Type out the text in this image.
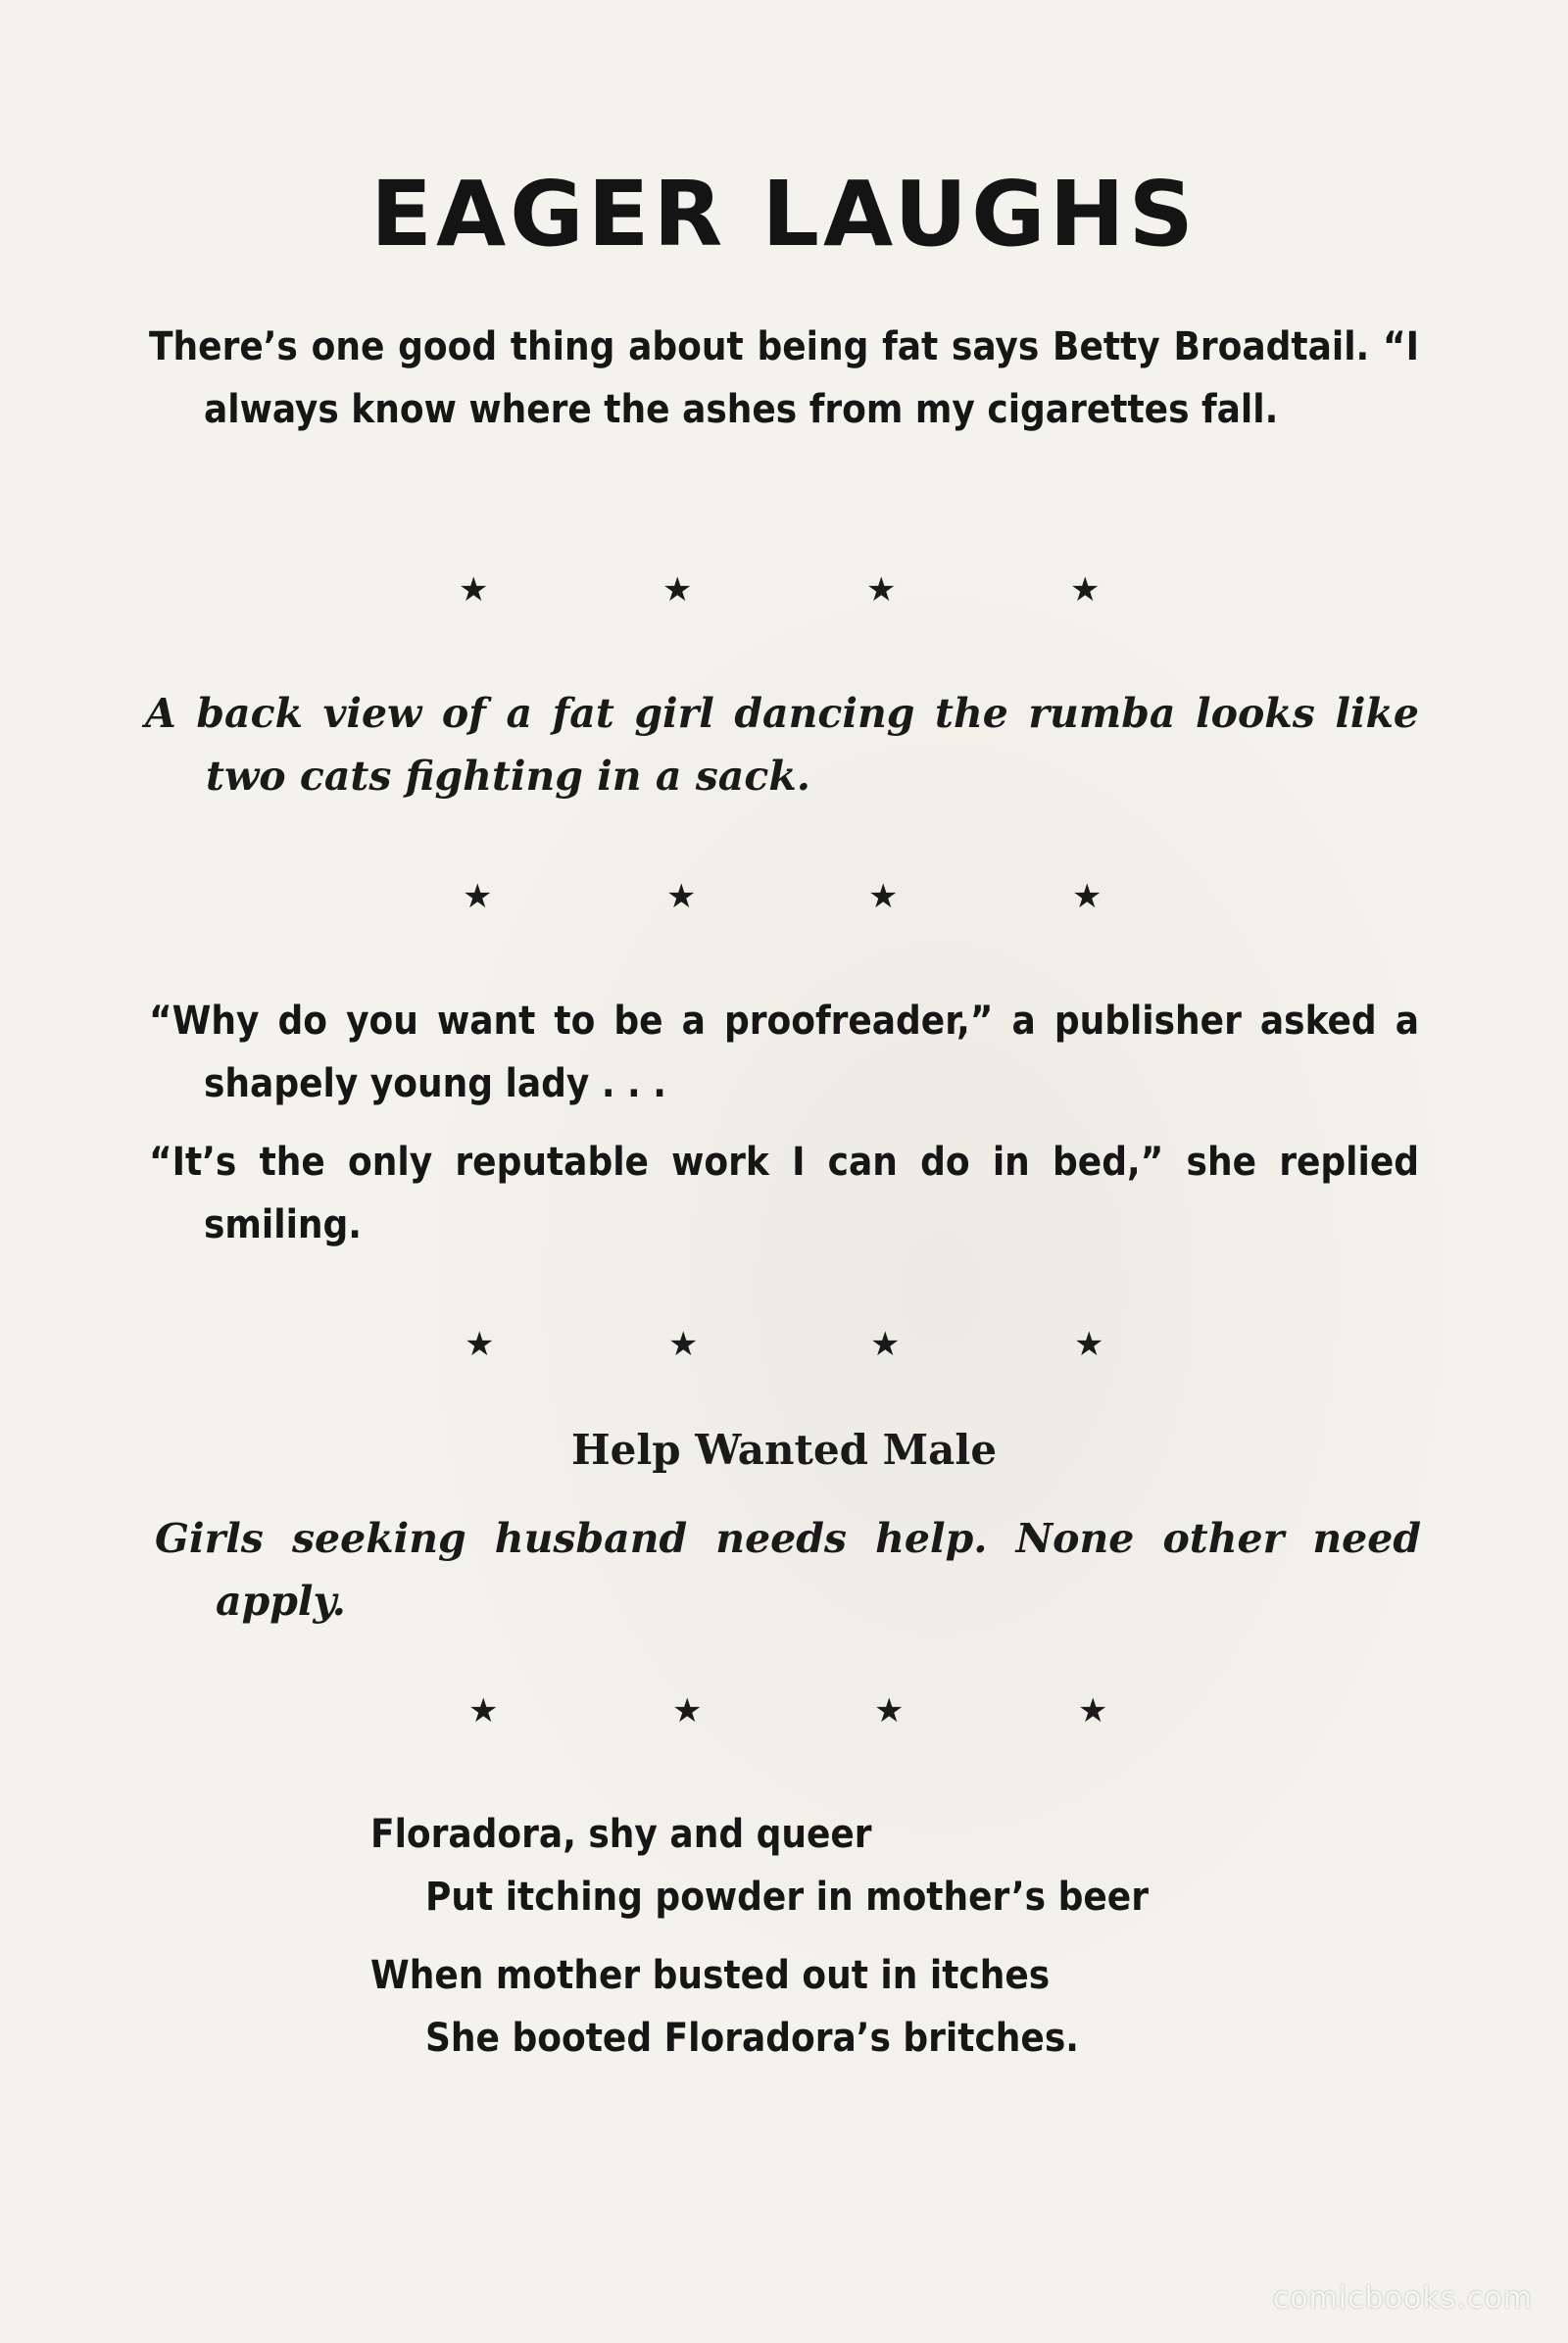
EAGER LAUGHS

There’s one good thing about being fat says Betty Broadtail. “I always know where the ashes from my cigarettes fall.

★	★	★	★

A back view of a fat girl dancing the rumba looks like two cats fighting in a sack.

★	★	★	★

“Why do you want to be a proofreader,” a publisher asked a shapely young lady . . .

“It’s the only reputable work I can do in bed,” she replied smiling.

★	★	★	★
Help Wanted Male

Girls seeking husband needs help. None other need apply.

★	★	★	★
Floradora, shy and queer
Put itching powder in mother’s beer
When mother busted out in itches
She booted Floradora’s britches.
comicbooks.com
